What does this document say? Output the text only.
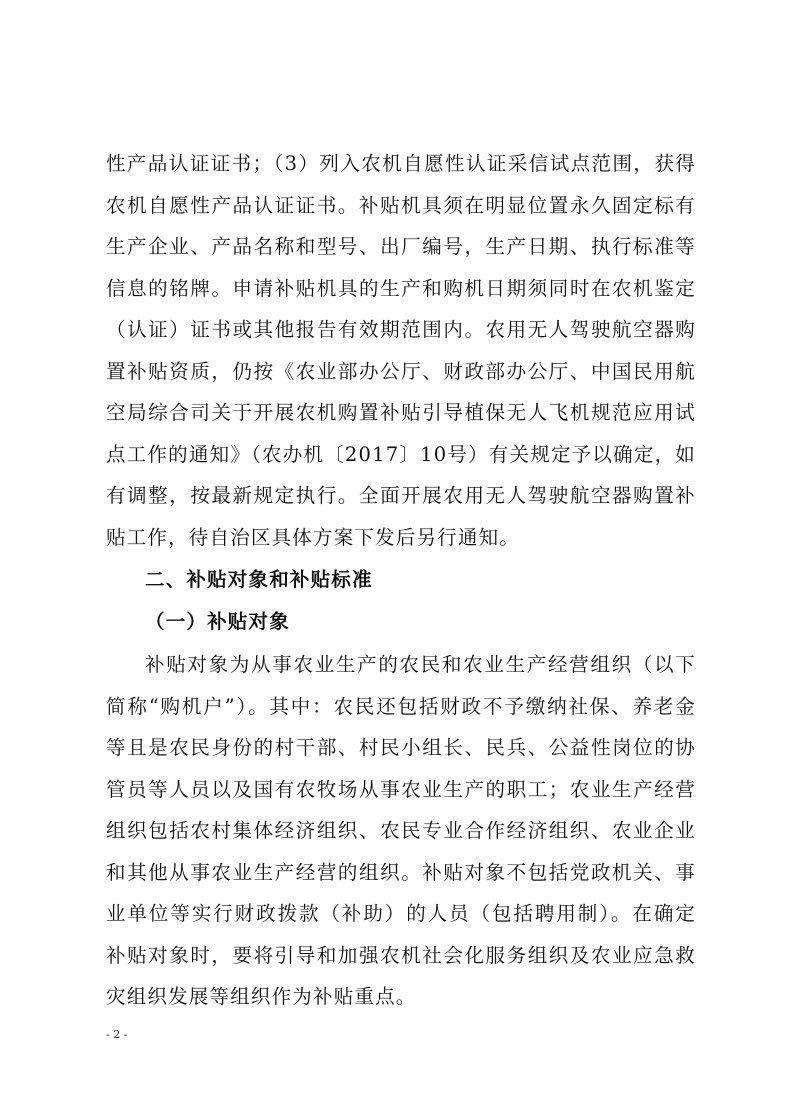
性产品认证证书；（3）列入农机自愿性认证采信试点范围，获得农机自愿性产品认证证书。补贴机具须在明显位置永久固定标有生产企业、产品名称和型号、出厂编号，生产日期、执行标准等信息的铭牌。申请补贴机具的生产和购机日期须同时在农机鉴定（认证）证书或其他报告有效期范围内。农用无人驾驶航空器购置补贴资质，仍按《农业部办公厅、财政部办公厅、中国民用航空局综合司关于开展农机购置补贴引导植保无人飞机规范应用试点工作的通知》（农办机〔2017〕10号）有关规定予以确定，如有调整，按最新规定执行。全面开展农用无人驾驶航空器购置补贴工作，待自治区具体方案下发后另行通知。

二、补贴对象和补贴标准
（一）补贴对象

补贴对象为从事农业生产的农民和农业生产经营组织（以下简称“购机户”）。其中：农民还包括财政不予缴纳社保、养老金等且是农民身份的村干部、村民小组长、民兵、公益性岗位的协管员等人员以及国有农牧场从事农业生产的职工；农业生产经营组织包括农村集体经济组织、农民专业合作经济组织、农业企业和其他从事农业生产经营的组织。补贴对象不包括党政机关、事业单位等实行财政拨款（补助）的人员（包括聘用制）。在确定补贴对象时，要将引导和加强农机社会化服务组织及农业应急救灾组织发展等组织作为补贴重点。

- 2 -
